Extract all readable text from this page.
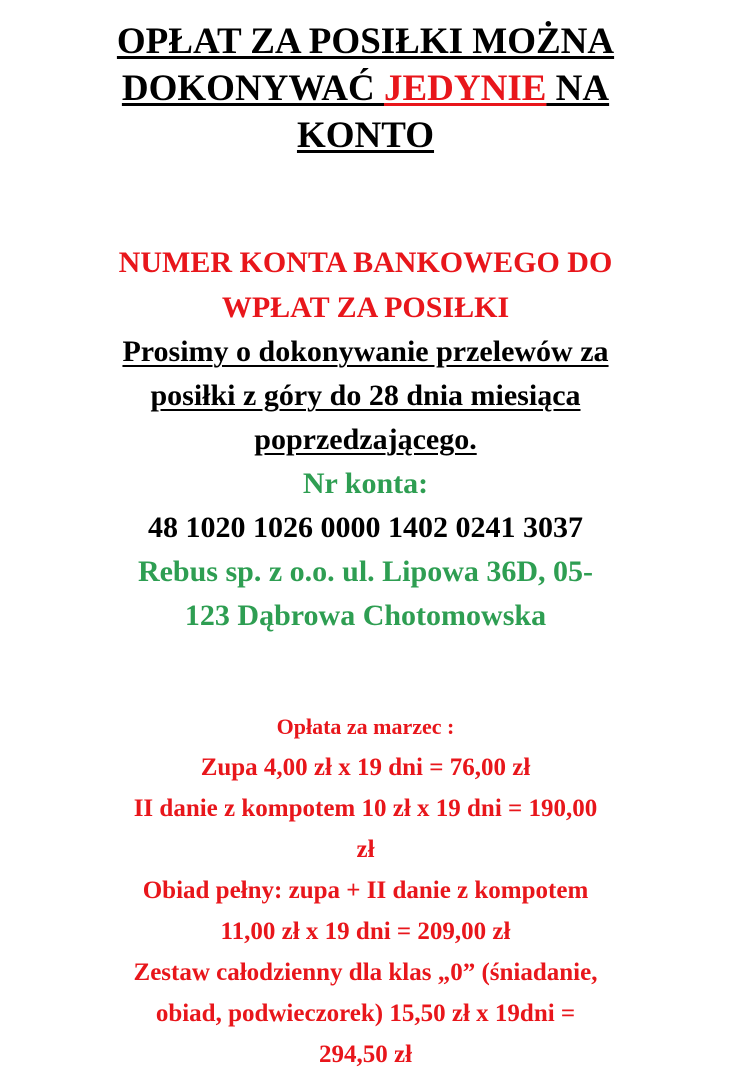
OPŁAT ZA POSIŁKI MOŻNA
DOKONYWAĆ JEDYNIE NA
KONTO
NUMER KONTA BANKOWEGO DO
WPŁAT ZA POSIŁKI
Prosimy o dokonywanie przelewów za
posiłki z góry do 28 dnia miesiąca
poprzedzającego.
Nr konta:
48 1020 1026 0000 1402 0241 3037
Rebus sp. z o.o. ul. Lipowa 36D, 05-
123 Dąbrowa Chotomowska
Opłata za marzec :
Zupa 4,00 zł x 19 dni = 76,00 zł
II danie z kompotem 10 zł x 19 dni = 190,00
zł
Obiad pełny: zupa + II danie z kompotem
11,00 zł x 19 dni = 209,00 zł
Zestaw całodzienny dla klas „0” (śniadanie,
obiad, podwieczorek) 15,50 zł x 19dni =
294,50 zł
